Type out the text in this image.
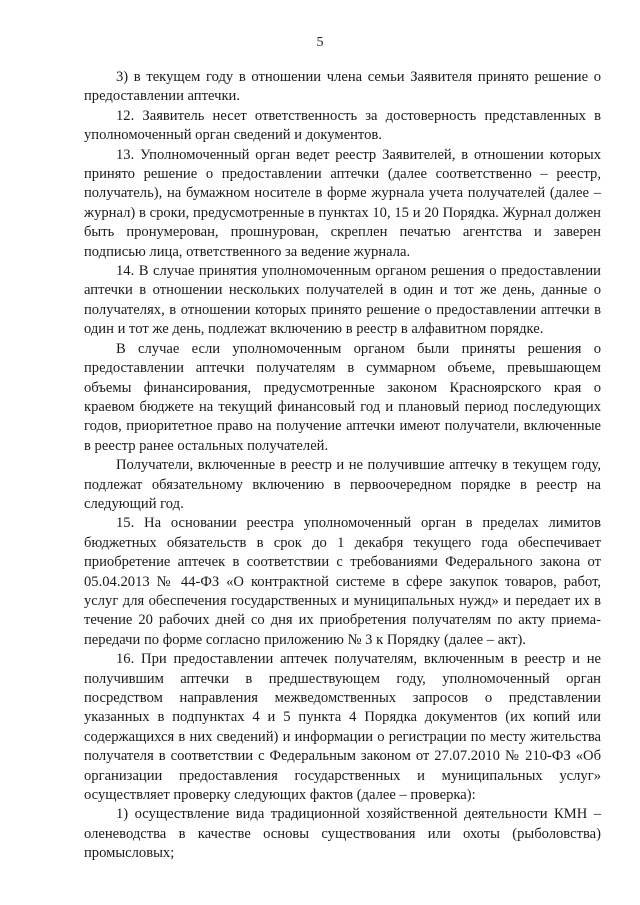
5

3) в текущем году в отношении члена семьи Заявителя принято решение о предоставлении аптечки.

12. Заявитель несет ответственность за достоверность представленных в уполномоченный орган сведений и документов.

13. Уполномоченный орган ведет реестр Заявителей, в отношении которых принято решение о предоставлении аптечки (далее соответственно – реестр, получатель), на бумажном носителе в форме журнала учета получателей (далее – журнал) в сроки, предусмотренные в пунктах 10, 15 и 20 Порядка. Журнал должен быть пронумерован, прошнурован, скреплен печатью агентства и заверен подписью лица, ответственного за ведение журнала.

14. В случае принятия уполномоченным органом решения о предоставлении аптечки в отношении нескольких получателей в один и тот же день, данные о получателях, в отношении которых принято решение о предоставлении аптечки в один и тот же день, подлежат включению в реестр в алфавитном порядке.

В случае если уполномоченным органом были приняты решения о предоставлении аптечки получателям в суммарном объеме, превышающем объемы финансирования, предусмотренные законом Красноярского края о краевом бюджете на текущий финансовый год и плановый период последующих годов, приоритетное право на получение аптечки имеют получатели, включенные в реестр ранее остальных получателей.

Получатели, включенные в реестр и не получившие аптечку в текущем году, подлежат обязательному включению в первоочередном порядке в реестр на следующий год.

15. На основании реестра уполномоченный орган в пределах лимитов бюджетных обязательств в срок до 1 декабря текущего года обеспечивает приобретение аптечек в соответствии с требованиями Федерального закона от 05.04.2013 № 44-ФЗ «О контрактной системе в сфере закупок товаров, работ, услуг для обеспечения государственных и муниципальных нужд» и передает их в течение 20 рабочих дней со дня их приобретения получателям по акту приема-передачи по форме согласно приложению № 3 к Порядку (далее – акт).

16. При предоставлении аптечек получателям, включенным в реестр и не получившим аптечки в предшествующем году, уполномоченный орган посредством направления межведомственных запросов о представлении указанных в подпунктах 4 и 5 пункта 4 Порядка документов (их копий или содержащихся в них сведений) и информации о регистрации по месту жительства получателя в соответствии с Федеральным законом от 27.07.2010 № 210-ФЗ «Об организации предоставления государственных и муниципальных услуг» осуществляет проверку следующих фактов (далее – проверка):

1) осуществление вида традиционной хозяйственной деятельности КМН – оленеводства в качестве основы существования или охоты (рыболовства) промысловых;
